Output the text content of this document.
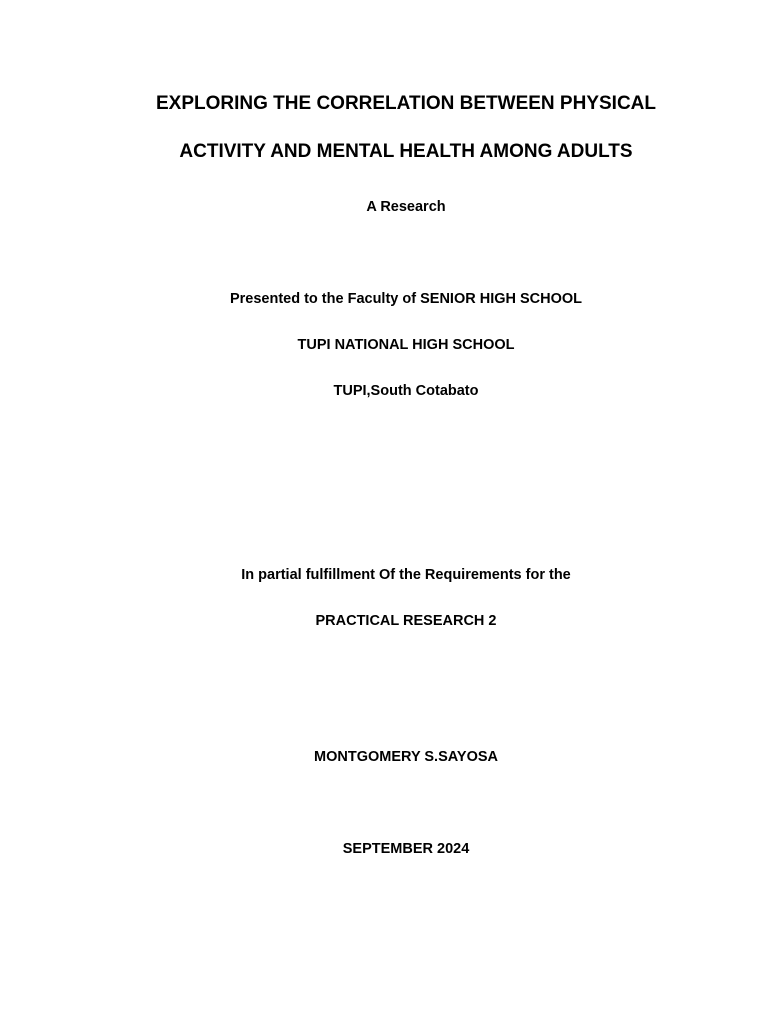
EXPLORING THE CORRELATION BETWEEN PHYSICAL
ACTIVITY AND MENTAL HEALTH AMONG ADULTS
A Research
Presented to the Faculty of SENIOR HIGH SCHOOL
TUPI NATIONAL HIGH SCHOOL
TUPI,South Cotabato
In partial fulfillment Of the Requirements for the
PRACTICAL RESEARCH 2
MONTGOMERY S.SAYOSA
SEPTEMBER 2024
